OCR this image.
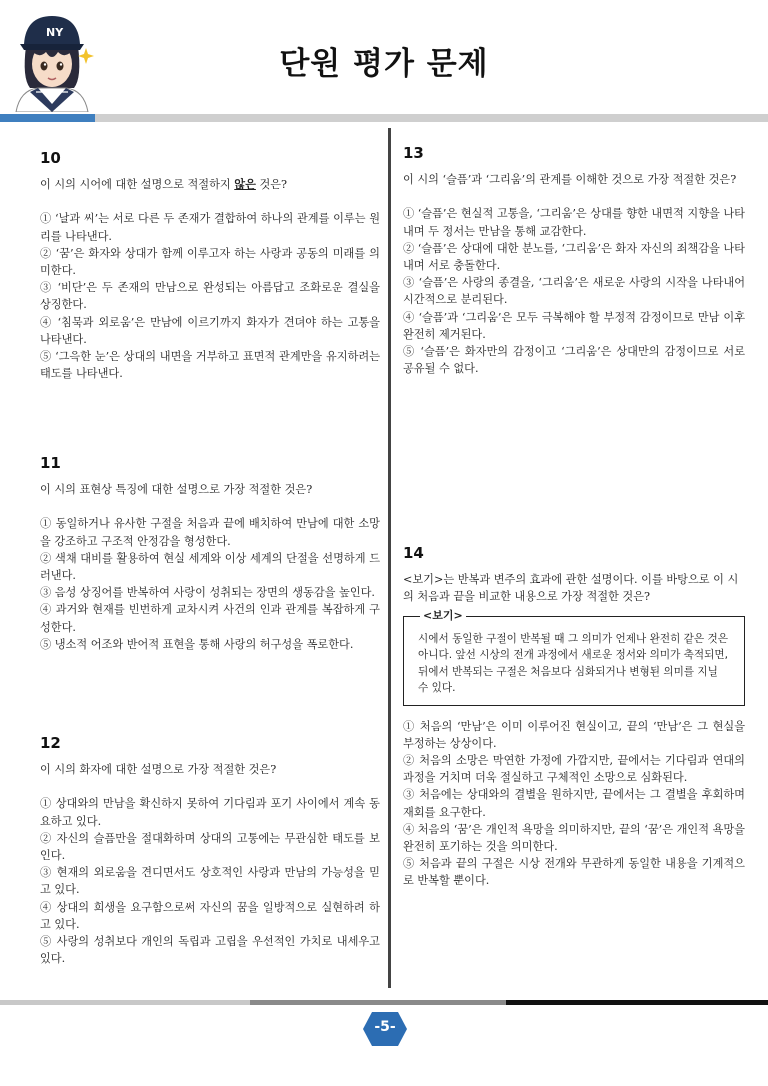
NY
단원 평가 문제
10
이 시의 시어에 대한 설명으로 적절하지 않은 것은?

① ‘날과 씨’는 서로 다른 두 존재가 결합하여 하나의 관계를 이루는 원리를 나타낸다.

② ‘꿈’은 화자와 상대가 함께 이루고자 하는 사랑과 공동의 미래를 의미한다.

③ ‘비단’은 두 존재의 만남으로 완성되는 아름답고 조화로운 결실을 상징한다.

④ ‘침묵과 외로움’은 만남에 이르기까지 화자가 견뎌야 하는 고통을 나타낸다.

⑤ ‘그윽한 눈’은 상대의 내면을 거부하고 표면적 관계만을 유지하려는 태도를 나타낸다.

11
이 시의 표현상 특징에 대한 설명으로 가장 적절한 것은?

① 동일하거나 유사한 구절을 처음과 끝에 배치하여 만남에 대한 소망을 강조하고 구조적 안정감을 형성한다.

② 색채 대비를 활용하여 현실 세계와 이상 세계의 단절을 선명하게 드러낸다.

③ 음성 상징어를 반복하여 사랑이 성취되는 장면의 생동감을 높인다.

④ 과거와 현재를 빈번하게 교차시켜 사건의 인과 관계를 복잡하게 구성한다.

⑤ 냉소적 어조와 반어적 표현을 통해 사랑의 허구성을 폭로한다.

12
이 시의 화자에 대한 설명으로 가장 적절한 것은?

① 상대와의 만남을 확신하지 못하여 기다림과 포기 사이에서 계속 동요하고 있다.

② 자신의 슬픔만을 절대화하며 상대의 고통에는 무관심한 태도를 보인다.

③ 현재의 외로움을 견디면서도 상호적인 사랑과 만남의 가능성을 믿고 있다.

④ 상대의 희생을 요구함으로써 자신의 꿈을 일방적으로 실현하려 하고 있다.

⑤ 사랑의 성취보다 개인의 독립과 고립을 우선적인 가치로 내세우고 있다.

13
이 시의 ‘슬픔’과 ‘그리움’의 관계를 이해한 것으로 가장 적절한 것은?

① ‘슬픔’은 현실적 고통을, ‘그리움’은 상대를 향한 내면적 지향을 나타내며 두 정서는 만남을 통해 교감한다.

② ‘슬픔’은 상대에 대한 분노를, ‘그리움’은 화자 자신의 죄책감을 나타내며 서로 충돌한다.

③ ‘슬픔’은 사랑의 종결을, ‘그리움’은 새로운 사랑의 시작을 나타내어 시간적으로 분리된다.

④ ‘슬픔’과 ‘그리움’은 모두 극복해야 할 부정적 감정이므로 만남 이후 완전히 제거된다.

⑤ ‘슬픔’은 화자만의 감정이고 ‘그리움’은 상대만의 감정이므로 서로 공유될 수 없다.

14
<보기>는 반복과 변주의 효과에 관한 설명이다. 이를 바탕으로 이 시의 처음과 끝을 비교한 내용으로 가장 적절한 것은?
<보기>
시에서 동일한 구절이 반복될 때 그 의미가 언제나 완전히 같은 것은 아니다. 앞선 시상의 전개 과정에서 새로운 정서와 의미가 축적되면, 뒤에서 반복되는 구절은 처음보다 심화되거나 변형된 의미를 지닐 수 있다.

① 처음의 ‘만남’은 이미 이루어진 현실이고, 끝의 ‘만남’은 그 현실을 부정하는 상상이다.

② 처음의 소망은 막연한 가정에 가깝지만, 끝에서는 기다림과 연대의 과정을 거치며 더욱 절실하고 구체적인 소망으로 심화된다.

③ 처음에는 상대와의 결별을 원하지만, 끝에서는 그 결별을 후회하며 재회를 요구한다.

④ 처음의 ‘꿈’은 개인적 욕망을 의미하지만, 끝의 ‘꿈’은 개인적 욕망을 완전히 포기하는 것을 의미한다.

⑤ 처음과 끝의 구절은 시상 전개와 무관하게 동일한 내용을 기계적으로 반복할 뿐이다.

-5-
